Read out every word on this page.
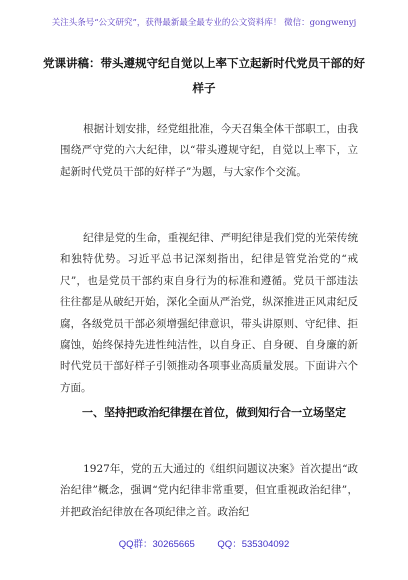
关注头条号“公文研究”，获得最新最全最专业的公文资料库！ 微信：gongwenyj
党课讲稿：带头遵规守纪自觉以上率下立起新时代党员干部的好样子
根据计划安排，经党组批准，今天召集全体干部职工，由我围绕严守党的六大纪律，以“带头遵规守纪，自觉以上率下，立起新时代党员干部的好样子”为题，与大家作个交流。
纪律是党的生命，重视纪律、严明纪律是我们党的光荣传统和独特优势。习近平总书记深刻指出，纪律是管党治党的“戒尺”，也是党员干部约束自身行为的标准和遵循。党员干部违法往往都是从破纪开始，深化全面从严治党，纵深推进正风肃纪反腐，各级党员干部必须增强纪律意识，带头讲原则、守纪律、拒腐蚀，始终保持先进性纯洁性，以自身正、自身硬、自身廉的新时代党员干部好样子引领推动各项事业高质量发展。下面讲六个方面。
一、坚持把政治纪律摆在首位，做到知行合一立场坚定
1927年，党的五大通过的《组织问题议决案》首次提出“政治纪律”概念，强调“党内纪律非常重要，但宜重视政治纪律”，并把政治纪律放在各项纪律之首。政治纪
QQ群：30265665 QQ：535304092
